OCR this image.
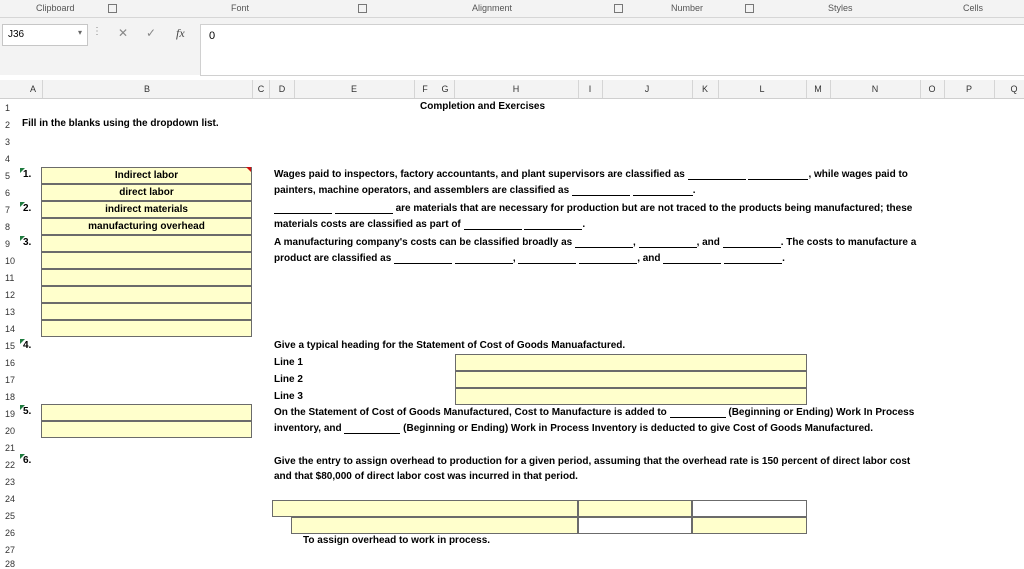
Clipboard	Font	Alignment	Number	Styles	Cells
J36	▾ ⋮ ✕ ✓ fx 0
A	B	C	D	E	F	G	H	I	J	K	L	M	N	O	P	Q
1
2
3
4
5
6
7
8
9
10
11
12
13
14
15
16
17
18
19
20
21
22
23
24
25
26
27
28
Completion and Exercises
Fill in the blanks using the dropdown list.
1.
2.
3.
4.
5.
6.
Indirect labor
direct labor
indirect materials
manufacturing overhead
Wages paid to inspectors, factory accountants, and plant supervisors are classified as	, while wages paid to
painters, machine operators, and assemblers are classified as	.
are materials that are necessary for production but are not traced to the products being manufactured; these
materials costs are classified as part of	.
A manufacturing company's costs can be classified broadly as	,	, and	. The costs to manufacture a
product are classified as	,	, and	.
Give a typical heading for the Statement of Cost of Goods Manuafactured.
Line 1
Line 2
Line 3
On the Statement of Cost of Goods Manufactured, Cost to Manufacture is added to	(Beginning or Ending) Work In Process
inventory, and	(Beginning or Ending) Work in Process Inventory is deducted to give Cost of Goods Manufactured.
Give the entry to assign overhead to production for a given period, assuming that the overhead rate is 150 percent of direct labor cost
and that $80,000 of direct labor cost was incurred in that period.
To assign overhead to work in process.
